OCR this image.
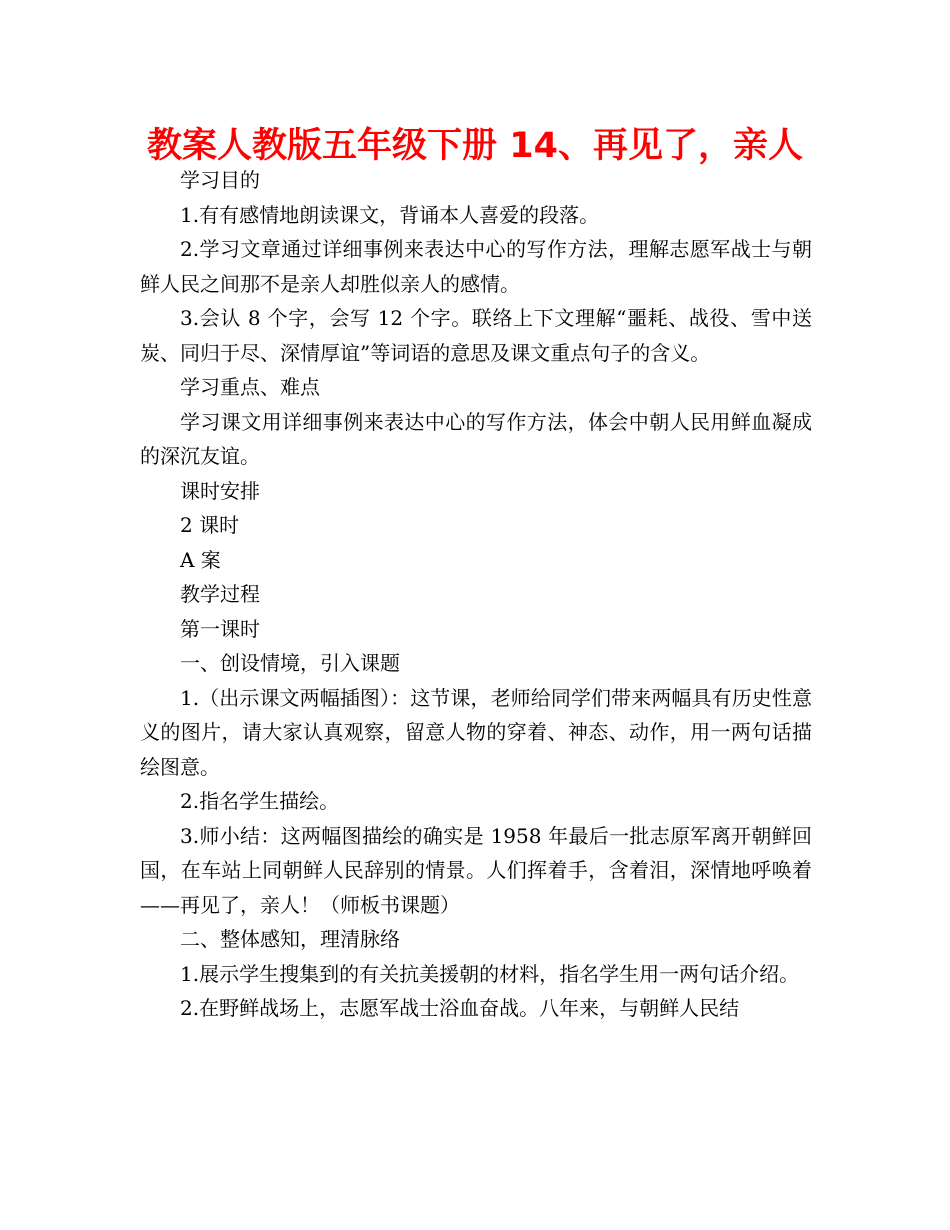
教案人教版五年级下册 14、再见了，亲人

学习目的

1.有有感情地朗读课文，背诵本人喜爱的段落。

2.学习文章通过详细事例来表达中心的写作方法，理解志愿军战士与朝鲜人民之间那不是亲人却胜似亲人的感情。

3.会认 8 个字，会写 12 个字。联络上下文理解“噩耗、战役、雪中送炭、同归于尽、深情厚谊”等词语的意思及课文重点句子的含义。

学习重点、难点

学习课文用详细事例来表达中心的写作方法，体会中朝人民用鲜血凝成的深沉友谊。

课时安排

2 课时

A 案

教学过程

第一课时

一、创设情境，引入课题

1.（出示课文两幅插图）：这节课，老师给同学们带来两幅具有历史性意义的图片，请大家认真观察，留意人物的穿着、神态、动作，用一两句话描绘图意。

2.指名学生描绘。

3.师小结：这两幅图描绘的确实是 1958 年最后一批志原军离开朝鲜回国，在车站上同朝鲜人民辞别的情景。人们挥着手，含着泪，深情地呼唤着——再见了，亲人！（师板书课题）

二、整体感知，理清脉络

1.展示学生搜集到的有关抗美援朝的材料，指名学生用一两句话介绍。

2.在野鲜战场上，志愿军战士浴血奋战。八年来，与朝鲜人民结
